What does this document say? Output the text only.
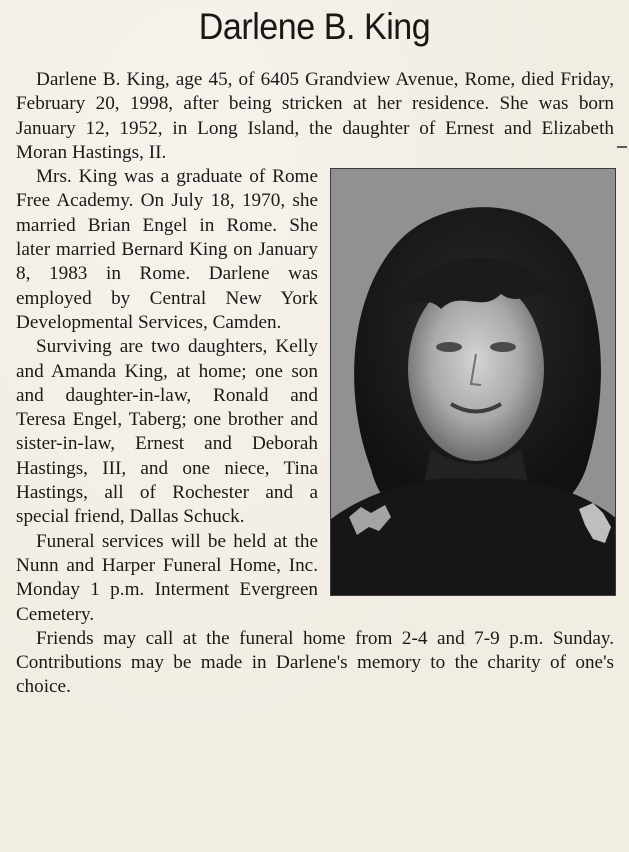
Darlene B. King

Darlene B. King, age 45, of 6405 Grandview Avenue, Rome, died Friday, February 20, 1998, after being stricken at her residence. She was born January 12, 1952, in Long Island, the daughter of Ernest and Elizabeth Moran Hastings, II.

Mrs. King was a graduate of Rome Free Academy. On July 18, 1970, she married Brian Engel in Rome. She later married Bernard King on January 8, 1983 in Rome. Darlene was employed by Central New York Developmental Services, Camden.

Surviving are two daughters, Kelly and Amanda King, at home; one son and daughter-in-law, Ronald and Teresa Engel, Taberg; one brother and sister-in-law, Ernest and Deborah Hastings, III, and one niece, Tina Hastings, all of Rochester and a special friend, Dallas Schuck.

Funeral services will be held at the Nunn and Harper Funeral Home, Inc. Monday 1 p.m. Interment Evergreen Cemetery.

Friends may call at the funeral home from 2-4 and 7-9 p.m. Sunday. Contributions may be made in Darlene's memory to the charity of one's choice.
